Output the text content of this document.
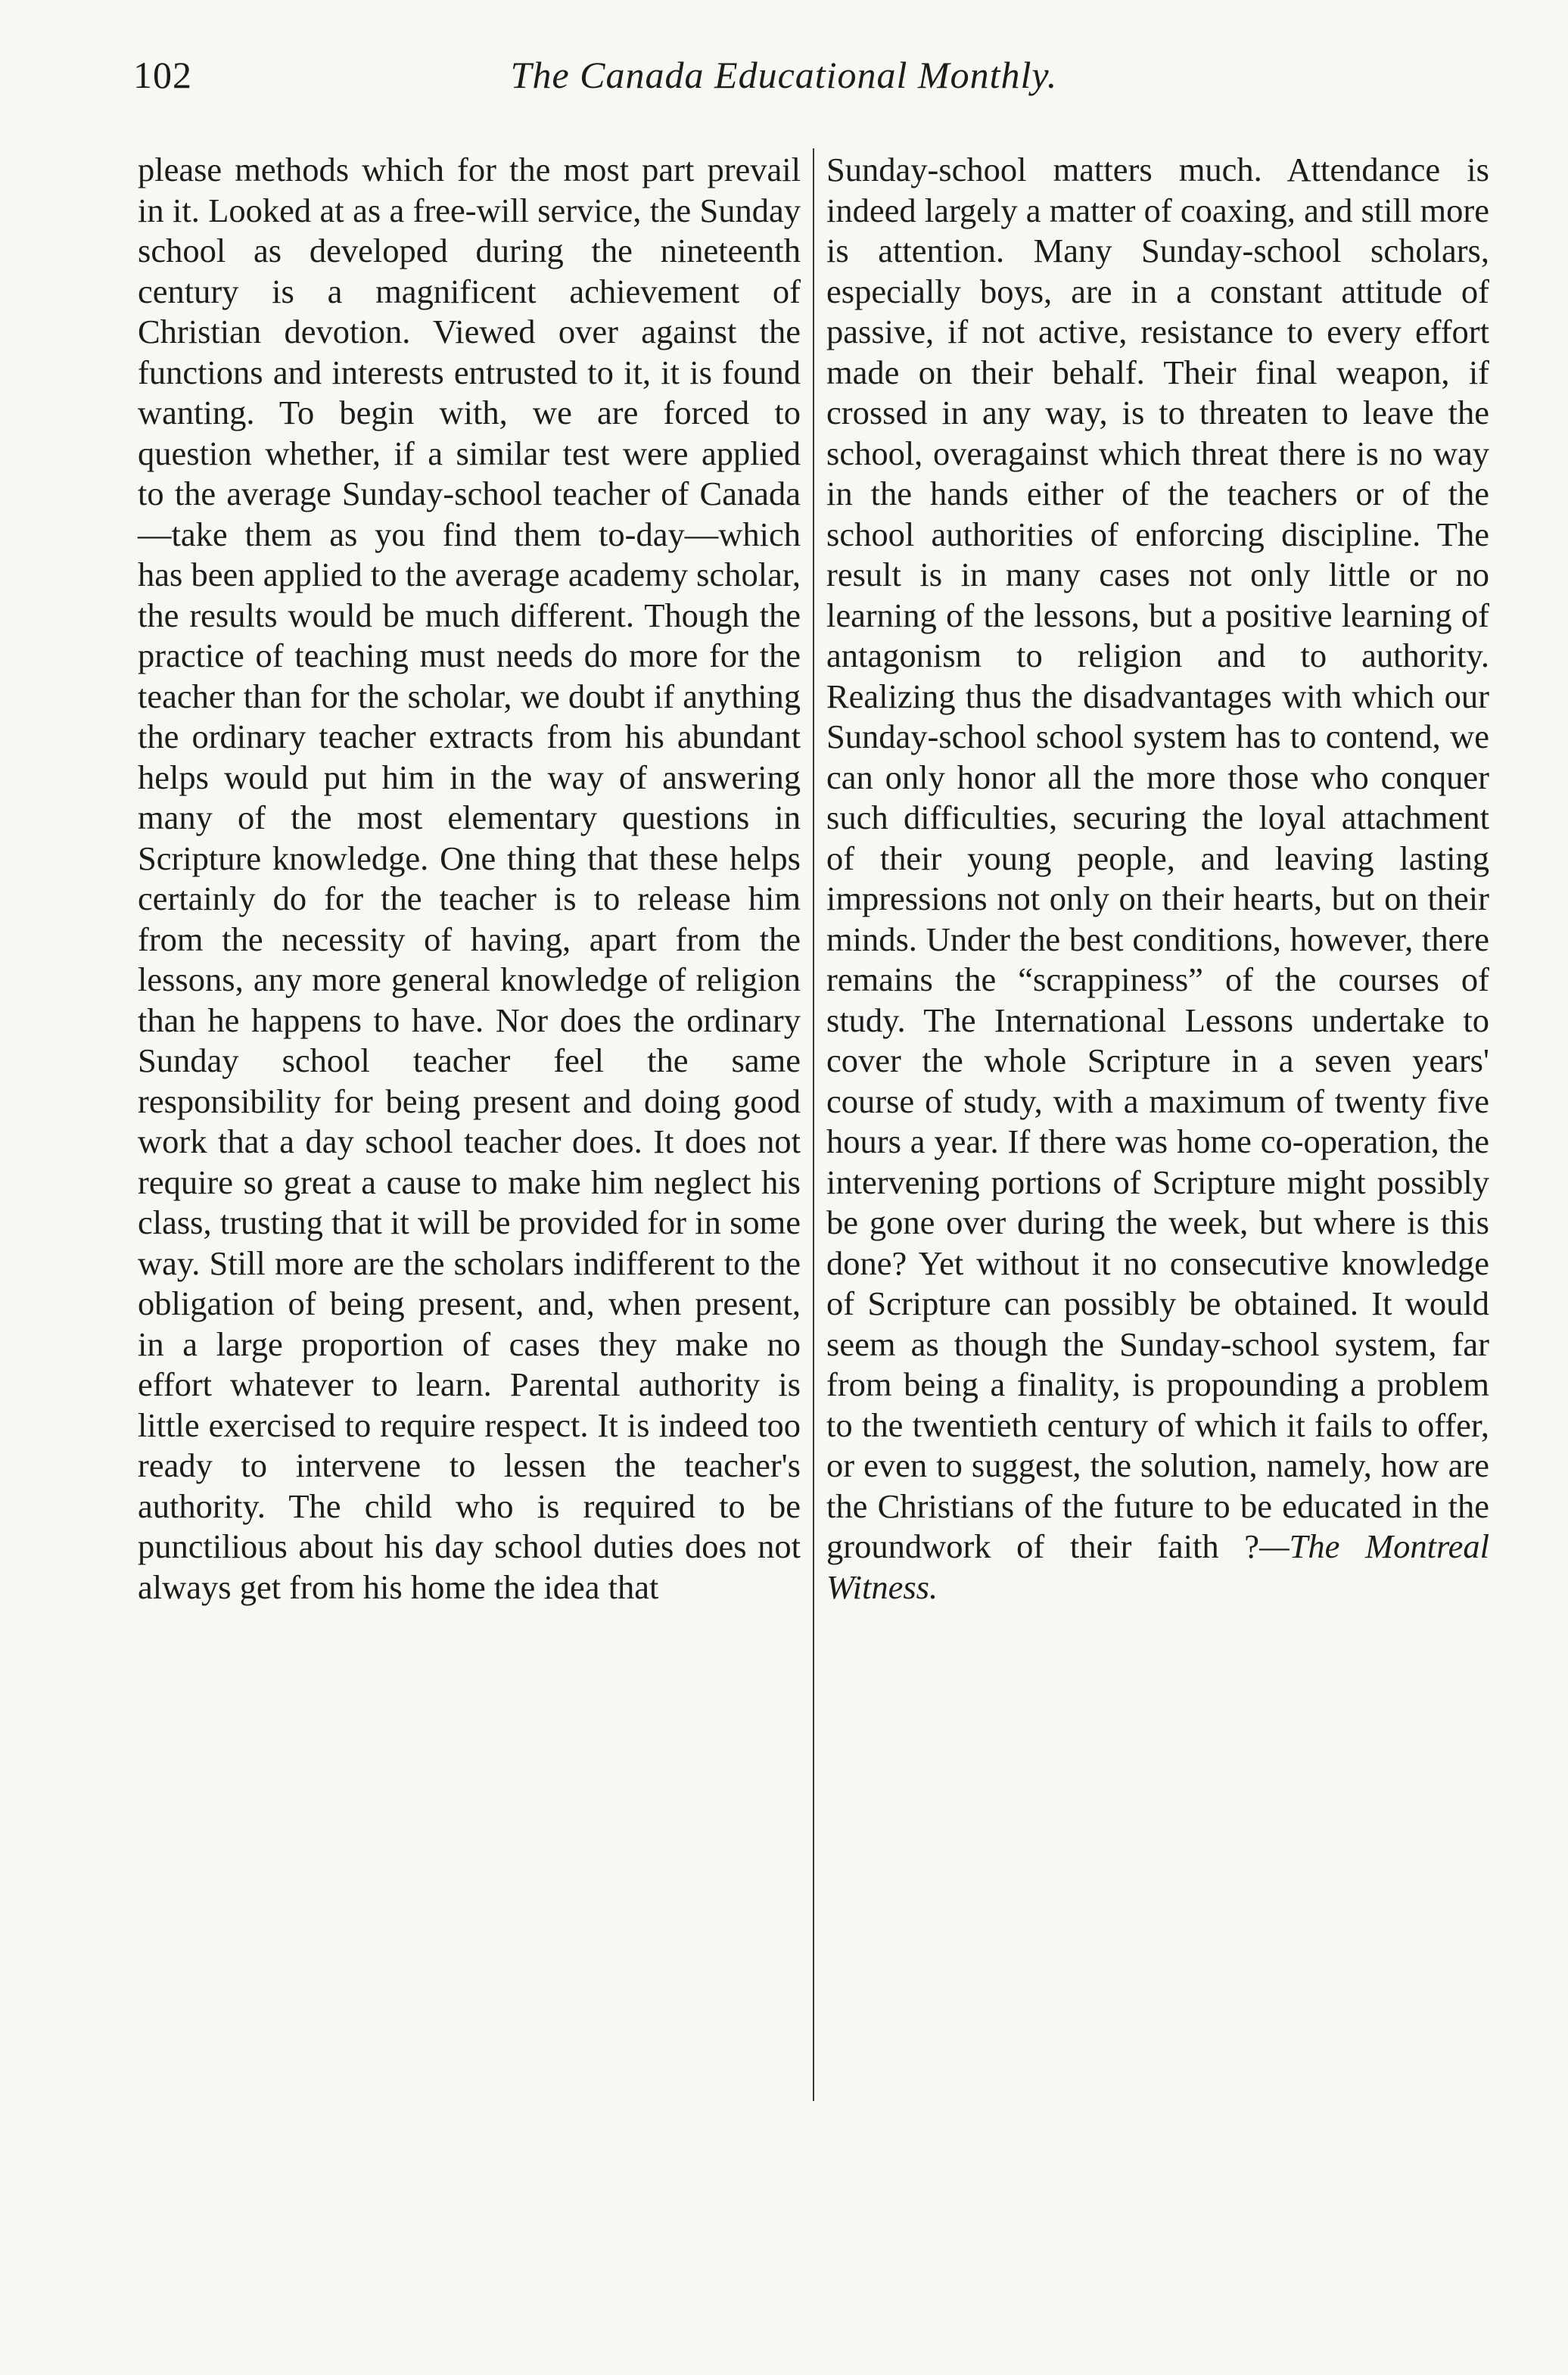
102	The Canada Educational Monthly.

please methods which for the most part prevail in it. Looked at as a free-will service, the Sunday school as developed during the nineteenth century is a magnificent achievement of Christian devotion. Viewed over against the functions and interests entrusted to it, it is found wanting. To begin with, we are forced to question whether, if a similar test were applied to the average Sunday-school teacher of Canada—take them as you find them to-day—which has been applied to the average academy scholar, the results would be much different. Though the practice of teaching must needs do more for the teacher than for the scholar, we doubt if anything the ordinary teacher extracts from his abundant helps would put him in the way of answering many of the most elementary questions in Scripture knowledge. One thing that these helps certainly do for the teacher is to release him from the necessity of having, apart from the lessons, any more general knowledge of religion than he happens to have. Nor does the ordinary Sunday school teacher feel the same responsibility for being present and doing good work that a day school teacher does. It does not require so great a cause to make him neglect his class, trusting that it will be provided for in some way. Still more are the scholars indifferent to the obligation of being present, and, when present, in a large proportion of cases they make no effort whatever to learn. Parental authority is little exercised to require respect. It is indeed too ready to intervene to lessen the teacher's authority. The child who is required to be punctilious about his day school duties does not always get from his home the idea that

Sunday-school matters much. Attendance is indeed largely a matter of coaxing, and still more is attention. Many Sunday-school scholars, especially boys, are in a constant attitude of passive, if not active, resistance to every effort made on their behalf. Their final weapon, if crossed in any way, is to threaten to leave the school, overagainst which threat there is no way in the hands either of the teachers or of the school authorities of enforcing discipline. The result is in many cases not only little or no learning of the lessons, but a positive learning of antagonism to religion and to authority. Realizing thus the disadvantages with which our Sunday-school school system has to contend, we can only honor all the more those who conquer such difficulties, securing the loyal attachment of their young people, and leaving lasting impressions not only on their hearts, but on their minds. Under the best conditions, however, there remains the “scrappiness” of the courses of study. The International Lessons undertake to cover the whole Scripture in a seven years' course of study, with a maximum of twenty five hours a year. If there was home co-operation, the intervening portions of Scripture might possibly be gone over during the week, but where is this done? Yet without it no consecutive knowledge of Scripture can possibly be obtained. It would seem as though the Sunday-school system, far from being a finality, is propounding a problem to the twentieth century of which it fails to offer, or even to suggest, the solution, namely, how are the Christians of the future to be educated in the groundwork of their faith ?—The Montreal Witness.
